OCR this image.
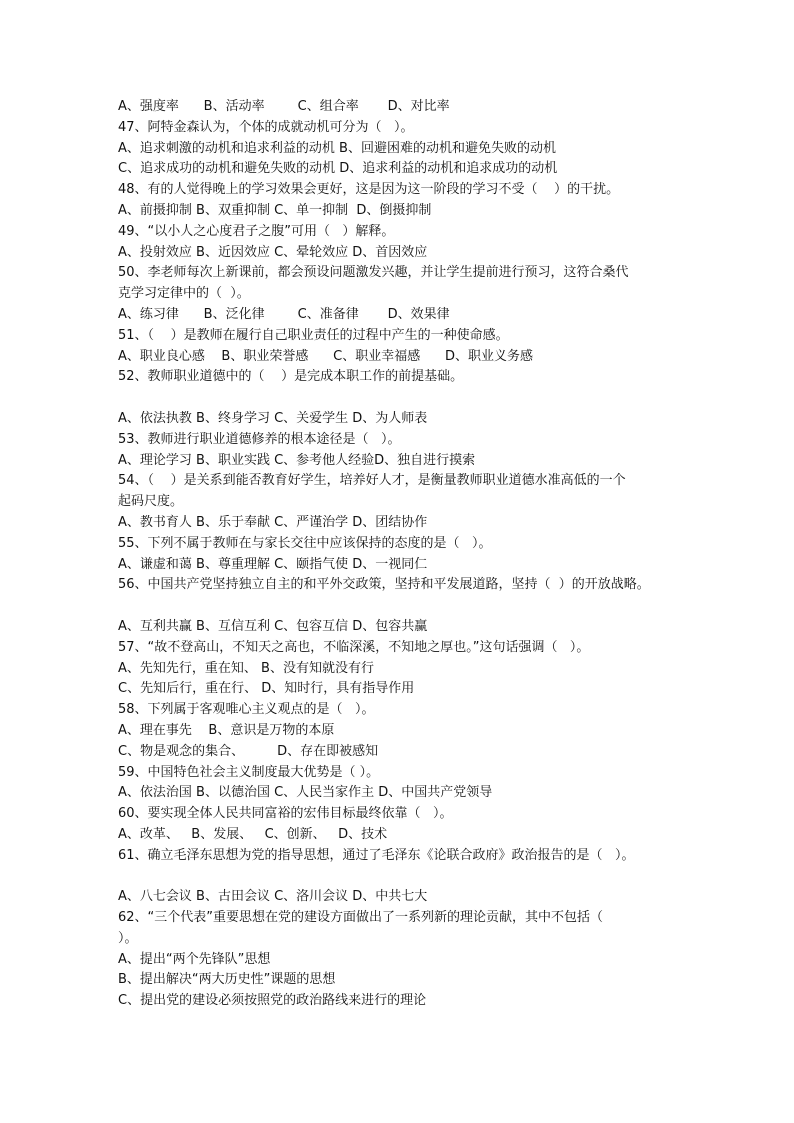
A、强度率      B、活动率        C、组合率       D、对比率
47、阿特金森认为，个体的成就动机可分为（   ）。
A、追求刺激的动机和追求利益的动机 B、回避困难的动机和避免失败的动机
C、追求成功的动机和避免失败的动机 D、追求利益的动机和追求成功的动机
48、有的人觉得晚上的学习效果会更好，这是因为这一阶段的学习不受（    ）的干扰。
A、前摄抑制 B、双重抑制 C、单一抑制  D、倒摄抑制
49、“以小人之心度君子之腹”可用（   ）解释。
A、投射效应 B、近因效应 C、晕轮效应 D、首因效应
50、李老师每次上新课前，都会预设问题激发兴趣，并让学生提前进行预习，这符合桑代
克学习定律中的（  ）。
A、练习律      B、泛化律        C、准备律       D、效果律
51、（    ）是教师在履行自己职业责任的过程中产生的一种使命感。
A、职业良心感    B、职业荣誉感      C、职业幸福感      D、职业义务感
52、教师职业道德中的（    ）是完成本职工作的前提基础。
A、依法执教 B、终身学习 C、关爱学生 D、为人师表
53、教师进行职业道德修养的根本途径是（   ）。
A、理论学习 B、职业实践 C、参考他人经验D、独自进行摸索
54、（    ）是关系到能否教育好学生，培养好人才，是衡量教师职业道德水准高低的一个
起码尺度。
A、教书育人 B、乐于奉献 C、严谨治学 D、团结协作
55、下列不属于教师在与家长交往中应该保持的态度的是（   ）。
A、谦虚和蔼 B、尊重理解 C、颐指气使 D、一视同仁
56、中国共产党坚持独立自主的和平外交政策，坚持和平发展道路，坚持（  ）的开放战略。
A、互利共赢 B、互信互利 C、包容互信 D、包容共赢
57、“故不登高山，不知天之高也，不临深溪，不知地之厚也。”这句话强调（   ）。
A、先知先行，重在知、 B、没有知就没有行
C、先知后行，重在行、 D、知时行，具有指导作用
58、下列属于客观唯心主义观点的是（   ）。
A、理在事先    B、意识是万物的本原
C、物是观念的集合、        D、存在即被感知
59、中国特色社会主义制度最大优势是（ ）。
A、依法治国 B、以德治国 C、人民当家作主 D、中国共产党领导
60、要实现全体人民共同富裕的宏伟目标最终依靠（   ）。
A、改革、   B、发展、   C、创新、   D、技术
61、确立毛泽东思想为党的指导思想，通过了毛泽东《论联合政府》政治报告的是（   ）。
A、八七会议 B、古田会议 C、洛川会议 D、中共七大
62、“三个代表”重要思想在党的建设方面做出了一系列新的理论贡献，其中不包括（
）。
A、提出“两个先锋队”思想
B、提出解决“两大历史性”课题的思想
C、提出党的建设必须按照党的政治路线来进行的理论
